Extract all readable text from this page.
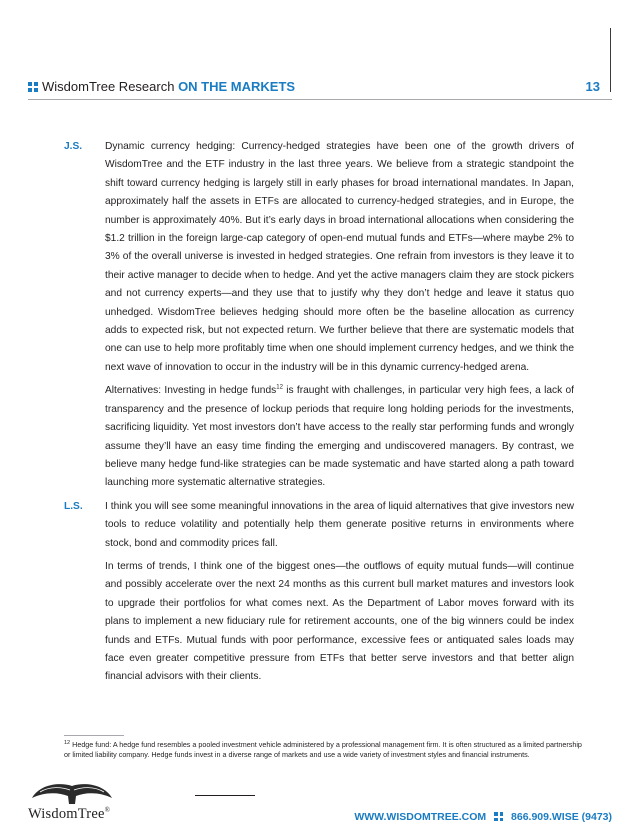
WisdomTree Research ON THE MARKETS	13
J.S. Dynamic currency hedging: Currency-hedged strategies have been one of the growth drivers of WisdomTree and the ETF industry in the last three years. We believe from a strategic standpoint the shift toward currency hedging is largely still in early phases for broad international mandates. In Japan, approximately half the assets in ETFs are allocated to currency-hedged strategies, and in Europe, the number is approximately 40%. But it’s early days in broad international allocations when considering the $1.2 trillion in the foreign large-cap category of open-end mutual funds and ETFs—where maybe 2% to 3% of the overall universe is invested in hedged strategies. One refrain from investors is they leave it to their active manager to decide when to hedge. And yet the active managers claim they are stock pickers and not currency experts—and they use that to justify why they don’t hedge and leave it status quo unhedged. WisdomTree believes hedging should more often be the baseline allocation as currency adds to expected risk, but not expected return. We further believe that there are systematic models that one can use to help more profitably time when one should implement currency hedges, and we think the next wave of innovation to occur in the industry will be in this dynamic currency-hedged arena.

Alternatives: Investing in hedge funds$^{12}$ is fraught with challenges, in particular very high fees, a lack of transparency and the presence of lockup periods that require long holding periods for the investments, sacrificing liquidity. Yet most investors don’t have access to the really star performing funds and wrongly assume they’ll have an easy time finding the emerging and undiscovered managers. By contrast, we believe many hedge fund-like strategies can be made systematic and have started along a path toward launching more systematic alternative strategies.

L.S. I think you will see some meaningful innovations in the area of liquid alternatives that give investors new tools to reduce volatility and potentially help them generate positive returns in environments where stock, bond and commodity prices fall.

In terms of trends, I think one of the biggest ones—the outflows of equity mutual funds—will continue and possibly accelerate over the next 24 months as this current bull market matures and investors look to upgrade their portfolios for what comes next. As the Department of Labor moves forward with its plans to implement a new fiduciary rule for retirement accounts, one of the big winners could be index funds and ETFs. Mutual funds with poor performance, excessive fees or antiquated sales loads may face even greater competitive pressure from ETFs that better serve investors and that better align financial advisors with their clients.

$^{12}$ Hedge fund: A hedge fund resembles a pooled investment vehicle administered by a professional management firm. It is often structured as a limited partnership or limited liability company. Hedge funds invest in a diverse range of markets and use a wide variety of investment styles and financial instruments.
WisdomTree®
WWW.WISDOMTREE.COM 866.909.WISE (9473)
